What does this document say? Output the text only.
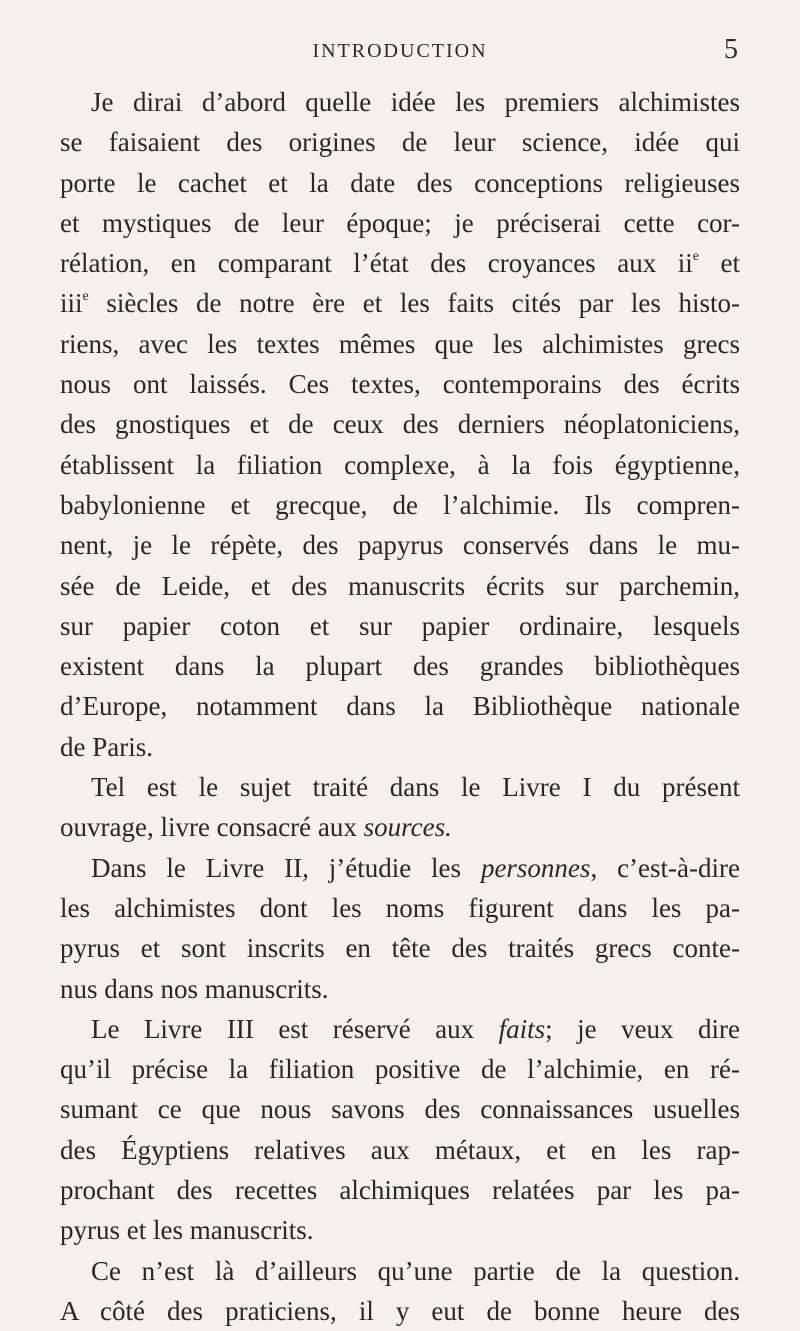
INTRODUCTION	5
Je dirai d’abord quelle idée les premiers alchimistes
se faisaient des origines de leur science, idée qui
porte le cachet et la date des conceptions religieuses
et mystiques de leur époque; je préciserai cette cor-
rélation, en comparant l’état des croyances aux $ii^e$ et
iii$^e$ siècles de notre ère et les faits cités par les histo-
riens, avec les textes mêmes que les alchimistes grecs
nous ont laissés. Ces textes, contemporains des écrits
des gnostiques et de ceux des derniers néoplatoniciens,
établissent la filiation complexe, à la fois égyptienne,
babylonienne et grecque, de l’alchimie. Ils compren-
nent, je le répète, des papyrus conservés dans le mu-
sée de Leide, et des manuscrits écrits sur parchemin,
sur papier coton et sur papier ordinaire, lesquels
existent dans la plupart des grandes bibliothèques
d’Europe, notamment dans la Bibliothèque nationale
de Paris.
Tel est le sujet traité dans le Livre I du présent
ouvrage, livre consacré aux sources.
Dans le Livre II, j’étudie les personnes, c’est-à-dire
les alchimistes dont les noms figurent dans les pa-
pyrus et sont inscrits en tête des traités grecs conte-
nus dans nos manuscrits.
Le Livre III est réservé aux faits; je veux dire
qu’il précise la filiation positive de l’alchimie, en ré-
sumant ce que nous savons des connaissances usuelles
des Égyptiens relatives aux métaux, et en les rap-
prochant des recettes alchimiques relatées par les pa-
pyrus et les manuscrits.
Ce n’est là d’ailleurs qu’une partie de la question.
A côté des praticiens, il y eut de bonne heure des
